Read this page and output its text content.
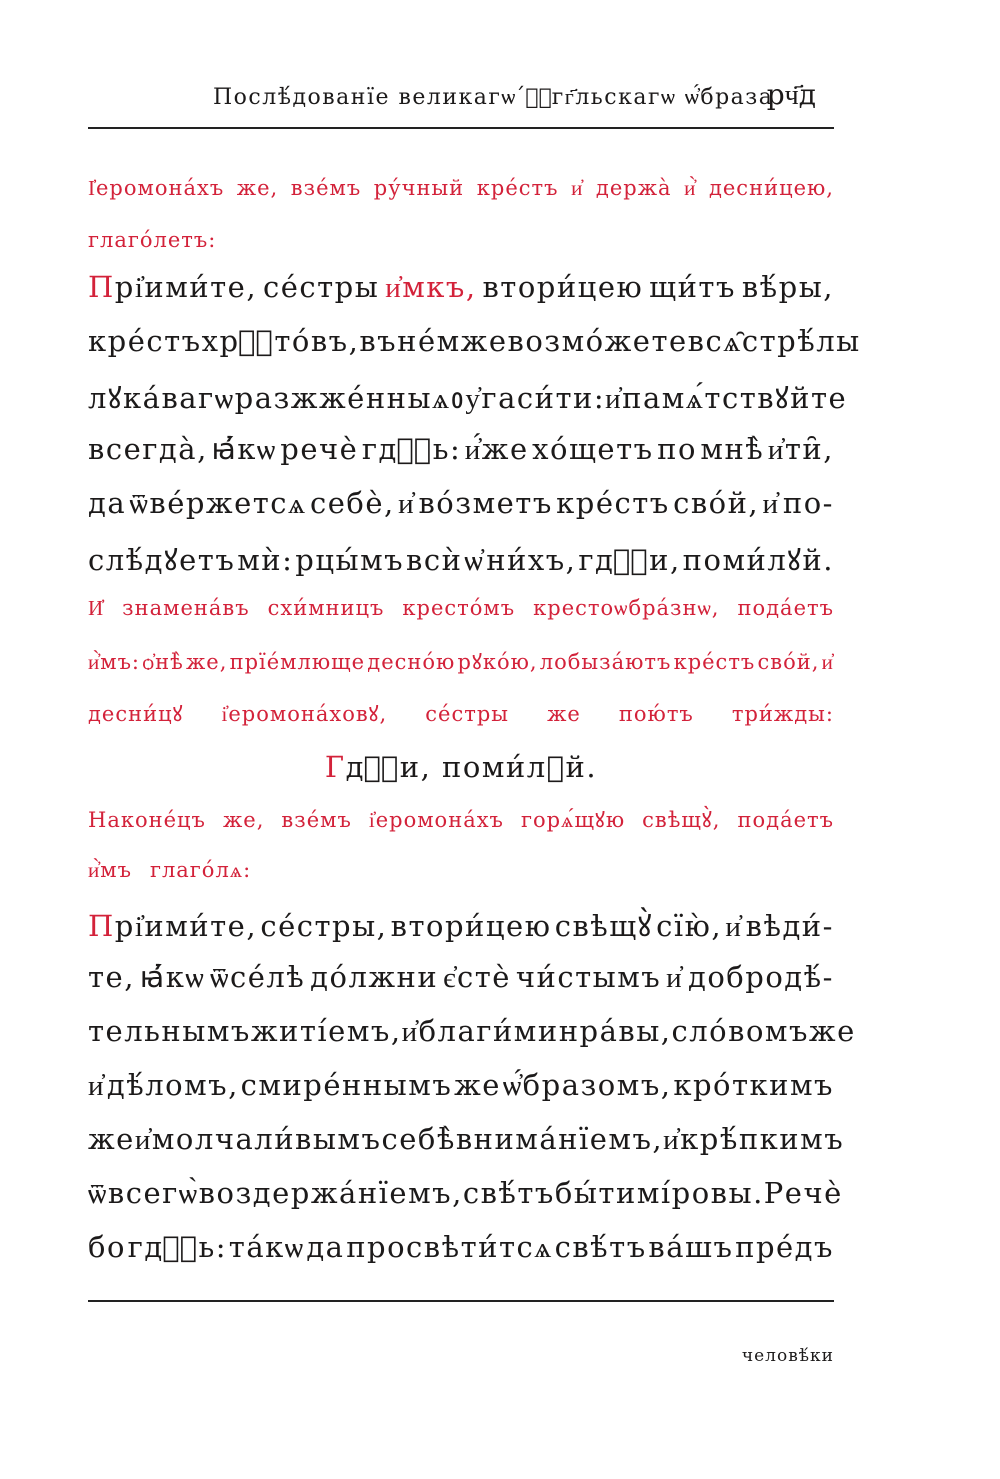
Послѣ́дованїе великагѡ ࢍ҆́гг҃льскагѡ ѡ҆́браза
рч҃д
І҆еромона́хъ же, взе́мъ ру́чный кре́стъ и҆ держа̀ и҆̀ десни́цею,
глаго́летъ:
Прі҆ими́те, се́стры и҆мкъ, втори́цею щи́тъ вѣ́ры,
кре́стъ хрⷭ҇то́въ, въ не́мже возмо́жете всѧ̑ стрѣ́лы
лꙋка́вагѡ разжже́нныѧ ᲂу҆гаси́ти: и҆ памѧ́тствꙋйте
всегда̀, ꙗ҆́кѡ речѐ гдⷭ҇ь: и҆́же хо́щетъ по мнѣ̀ и҆ти̑,
да ѿве́ржетсѧ себѐ, и҆ во́зметъ кре́стъ сво́й, и҆ по-
слѣ́дꙋетъ мѝ: рцы́мъ всѝ ѡ҆ ни́хъ, гдⷭ҇и, поми́лꙋй.
И҆ знамена́въ схи́мницъ кресто́мъ крестоѡбра́знѡ, пода́етъ
и҆̀мъ: ѻ҆нѣ̀ же, прїе́млюще десно́ю рꙋко́ю, лобыза́ютъ кре́стъ сво́й, и҆
десни́цꙋ і҆еромона́ховꙋ, се́стры же пою́тъ три́жды:
Г дⷭ҇и, поми́лꙋй.
Наконе́цъ же, взе́мъ і҆еромона́хъ горѧ́щꙋю свѣщꙋ̀, пода́етъ
и҆̀мъ глаго́лѧ:
Прі҆ими́те, се́стры, втори́цею свѣщꙋ̀ сїю̀, и҆ вѣди́-
те, ꙗ҆́кѡ ѿсе́лѣ до́лжни є҆стѐ чи́стымъ и҆ добродѣ́-
тельнымъ житі́емъ, и҆ благи́ми нра́вы, сло́вомъ же
и҆ дѣ́ломъ, смире́ннымъ же ѡ҆́бразомъ, кро́ткимъ
же и҆ молчали́вымъ себѣ̀ внима́нїемъ, и҆ крѣ́пкимъ
ѿ всегѡ̀ воздержа́нїемъ, свѣ́тъ бы́ти мі́ровы. Речѐ
бо гдⷭ҇ь: та́кѡ да просвѣти́тсѧ свѣ́тъ ва́шъ пре́дъ
человѣ́ки
